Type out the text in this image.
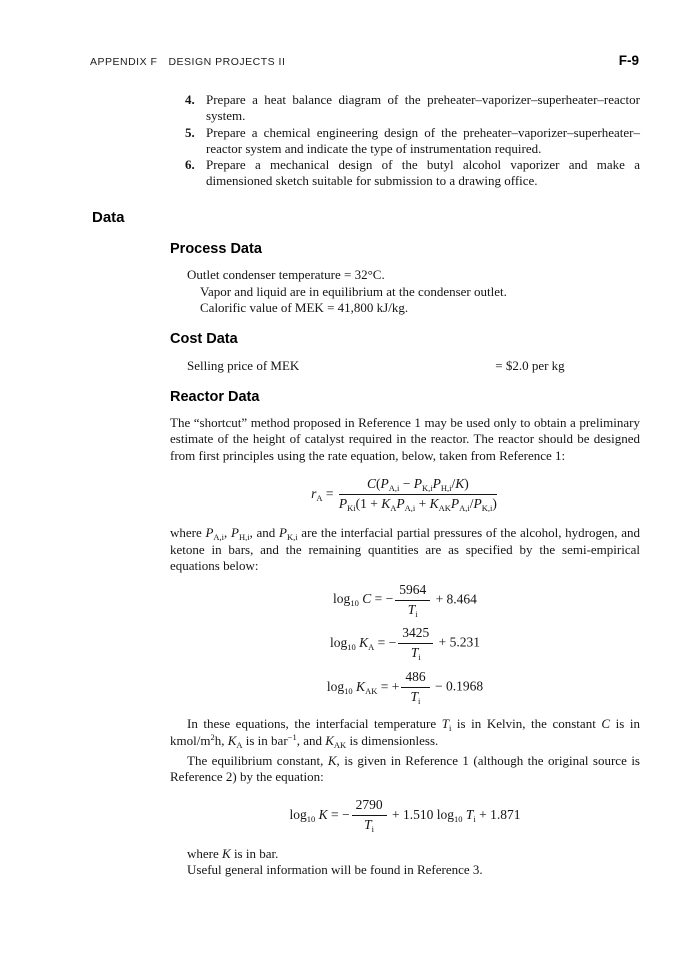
APPENDIX F DESIGN PROJECTS II	F-9
4. Prepare a heat balance diagram of the preheater–vaporizer–superheater–reactor system.
5. Prepare a chemical engineering design of the preheater–vaporizer–superheater–reactor system and indicate the type of instrumentation required.
6. Prepare a mechanical design of the butyl alcohol vaporizer and make a dimensioned sketch suitable for submission to a drawing office.
Data
Process Data
Outlet condenser temperature = 32°C.
Vapor and liquid are in equilibrium at the condenser outlet.
Calorific value of MEK = 41,800 kJ/kg.
Cost Data
Selling price of MEK	= $2.0 per kg
Reactor Data
The “shortcut” method proposed in Reference 1 may be used only to obtain a preliminary estimate of the height of catalyst required in the reactor. The reactor should be designed from first principles using the rate equation, below, taken from Reference 1:
$r_A = \frac{C(P_{A,i} - P_{K,i}P_{H,i}/K)}{P_{Ki}(1 + K_AP_{A,i} + K_{AK}P_{A,i}/P_{K,i})}$
where $P_{A,i}$, $P_{H,i}$, and $P_{K,i}$ are the interfacial partial pressures of the alcohol, hydrogen, and ketone in bars, and the remaining quantities are as specified by the semi-empirical equations below:
$\log_{10} C$ = − $\frac{5964}{T_i} + 8.464$
$\log_{10} K_A$ = − $\frac{3425}{T_i} + 5.231$
$\log_{10} K_{AK}$ = + $\frac{486}{T_i} - 0.1968$
In these equations, the interfacial temperature $T_i$ is in Kelvin, the constant C is in kmol/$m^2h$, $K_A$ is in bar$^{-1}$, and $K_{AK}$ is dimensionless.
The equilibrium constant, K, is given in Reference 1 (although the original source is Reference 2) by the equation:
$\log_{10} K$ = − $\frac{2790}{T_i} + 1.510$ $\log_{10} T_i + 1.871$
where K is in bar.
Useful general information will be found in Reference 3.
